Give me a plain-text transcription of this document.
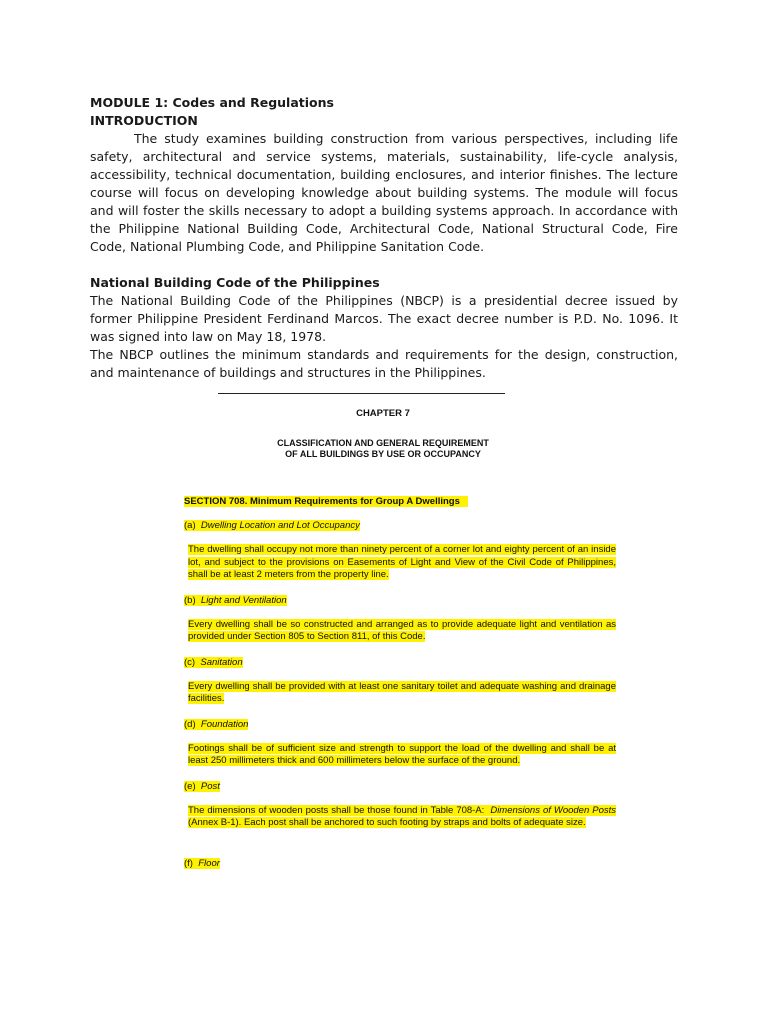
MODULE 1: Codes and Regulations
INTRODUCTION

The study examines building construction from various perspectives, including life safety, architectural and service systems, materials, sustainability, life-cycle analysis, accessibility, technical documentation, building enclosures, and interior finishes. The lecture course will focus on developing knowledge about building systems. The module will focus and will foster the skills necessary to adopt a building systems approach. In accordance with the Philippine National Building Code, Architectural Code, National Structural Code, Fire Code, National Plumbing Code, and Philippine Sanitation Code.

National Building Code of the Philippines

The National Building Code of the Philippines (NBCP) is a presidential decree issued by former Philippine President Ferdinand Marcos. The exact decree number is P.D. No. 1096. It was signed into law on May 18, 1978.

The NBCP outlines the minimum standards and requirements for the design, construction, and maintenance of buildings and structures in the Philippines.

CHAPTER 7
CLASSIFICATION AND GENERAL REQUIREMENT
OF ALL BUILDINGS BY USE OR OCCUPANCY
SECTION 708. Minimum Requirements for Group A Dwellings
(a) Dwelling Location and Lot Occupancy
The dwelling shall occupy not more than ninety percent of a corner lot and eighty percent of an inside lot, and subject to the provisions on Easements of Light and View of the Civil Code of Philippines, shall be at least 2 meters from the property line.
(b) Light and Ventilation
Every dwelling shall be so constructed and arranged as to provide adequate light and ventilation as provided under Section 805 to Section 811, of this Code.
(c) Sanitation
Every dwelling shall be provided with at least one sanitary toilet and adequate washing and drainage facilities.
(d) Foundation
Footings shall be of sufficient size and strength to support the load of the dwelling and shall be at least 250 millimeters thick and 600 millimeters below the surface of the ground.
(e) Post
The dimensions of wooden posts shall be those found in Table 708-A: Dimensions of Wooden Posts (Annex B-1). Each post shall be anchored to such footing by straps and bolts of adequate size.
(f) Floor
